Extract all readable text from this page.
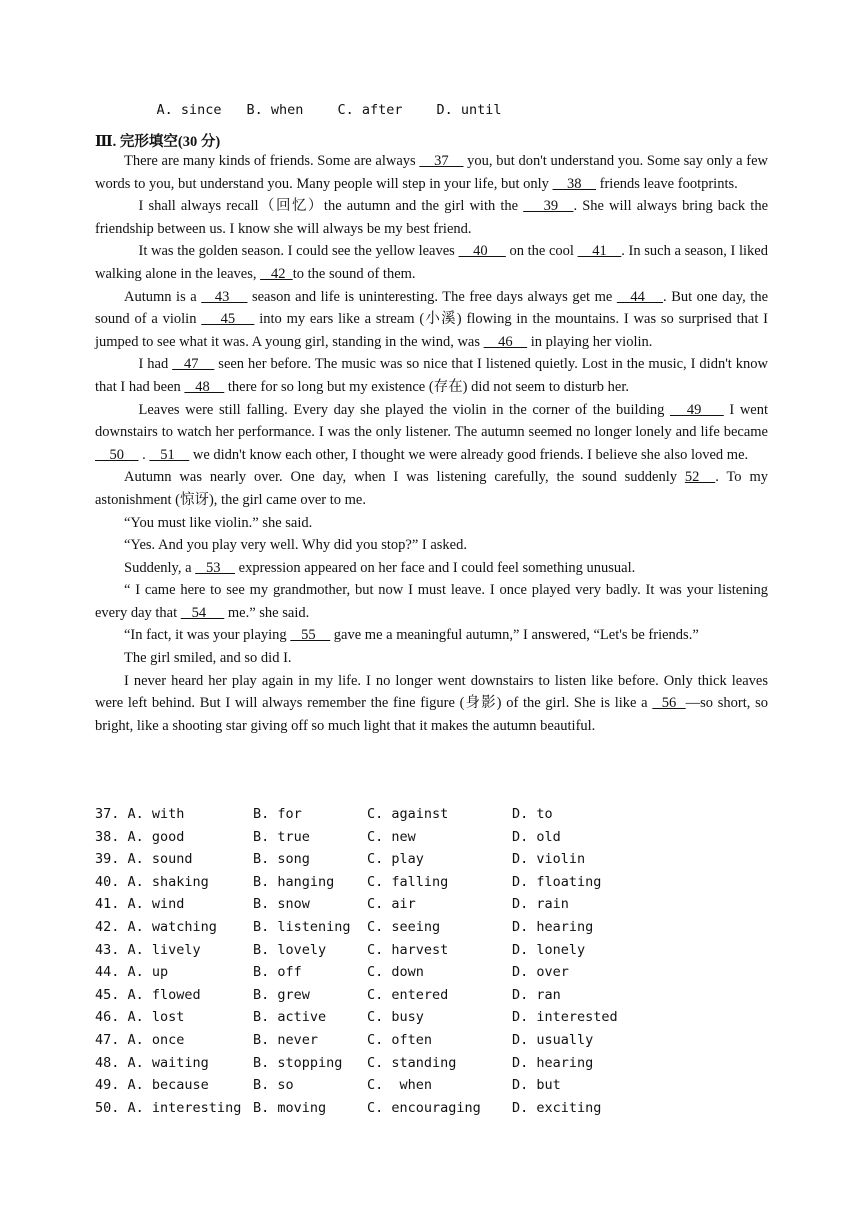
A. since B. when	C. after	D. until

Ⅲ. 完形填空(30 分)

There are many kinds of friends. Some are always     37     you, but don't understand you. Some say only a few words to you, but understand you. Many people will step in your life, but only     38     friends leave footprints.

I shall always recall（回忆）the autumn and the girl with the     39   . She will always bring back the friendship between us. I know she will always be my best friend.

It was the golden season. I could see the yellow leaves     40      on the cool     41    . In such a season, I liked walking alone in the leaves,    42  to the sound of them.

Autumn is a    43     season and life is uninteresting. The free days always get me    44    . But one day, the sound of a violin     45     into my ears like a stream (小溪) flowing in the mountains. I was so surprised that I jumped to see what it was. A young girl, standing in the wind, was     46     in playing her violin.

I had    47     seen her before. The music was so nice that I listened quietly. Lost in the music, I didn't know that I had been    48     there for so long but my existence (存在) did not seem to disturb her.

Leaves were still falling. Every day she played the violin in the corner of the building    49     I went downstairs to watch her performance. I was the only listener. The autumn seemed no longer lonely and life became     50     .    51     we didn't know each other, I thought we were already good friends. I believe she also loved me.

Autumn was nearly over. One day, when I was listening carefully, the sound suddenly 52  . To my astonishment (惊讶), the girl came over to me.

“You must like violin.” she said.

“Yes. And you play very well. Why did you stop?” I asked.

Suddenly, a    53     expression appeared on her face and I could feel something unusual.

“ I came here to see my grandmother, but now I must leave. I once played very badly. It was your listening every day that    54      me.” she said.

“In fact, it was your playing    55     gave me a meaningful autumn,” I answered, “Let's be friends.”

The girl smiled, and so did I.

I never heard her play again in my life. I no longer went downstairs to listen like before. Only thick leaves were left behind. But I will always remember the fine figure (身影) of the girl. She is like a   56  —so short, so bright, like a shooting star giving off so much light that it makes the autumn beautiful.

37. A. with	B. for	C. against	D. to
38. A. good	B. true	C. new	D. old
39. A. sound	B. song	C. play	D. violin
40. A. shaking	B. hanging	C. falling	D. floating
41. A. wind	B. snow	C. air	D. rain
42. A. watching	B. listening	C. seeing	D. hearing
43. A. lively	B. lovely	C. harvest	D. lonely
44. A. up	B. off	C. down	D. over
45. A. flowed	B. grew	C. entered	D. ran
46. A. lost	B. active	C. busy	D. interested
47. A. once	B. never	C. often	D. usually
48. A. waiting	B. stopping	C. standing	D. hearing
49. A. because	B. so	C.  when	D. but
50. A. interesting B. moving	C. encouraging	D. exciting
